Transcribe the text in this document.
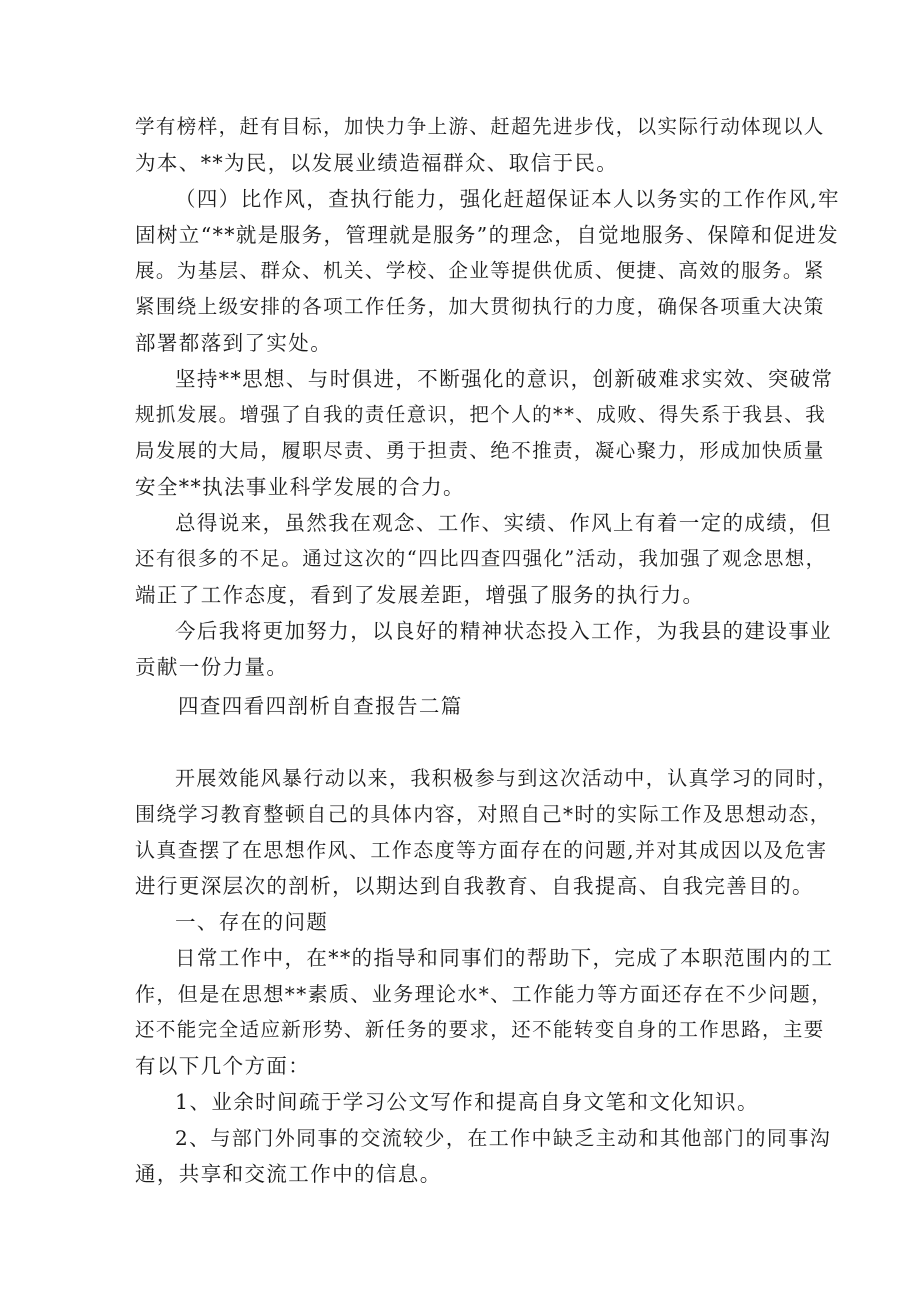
学有榜样，赶有目标，加快力争上游、赶超先进步伐，以实际行动体现以人
为本、**为民，以发展业绩造福群众、取信于民。
（四）比作风，查执行能力，强化赶超保证本人以务实的工作作风,牢
固树立“**就是服务，管理就是服务”的理念，自觉地服务、保障和促进发
展。为基层、群众、机关、学校、企业等提供优质、便捷、高效的服务。紧
紧围绕上级安排的各项工作任务，加大贯彻执行的力度，确保各项重大决策
部署都落到了实处。
坚持**思想、与时俱进，不断强化的意识，创新破难求实效、突破常
规抓发展。增强了自我的责任意识，把个人的**、成败、得失系于我县、我
局发展的大局，履职尽责、勇于担责、绝不推责，凝心聚力，形成加快质量
安全**执法事业科学发展的合力。
总得说来，虽然我在观念、工作、实绩、作风上有着一定的成绩，但
还有很多的不足。通过这次的“四比四查四强化”活动，我加强了观念思想，
端正了工作态度，看到了发展差距，增强了服务的执行力。
今后我将更加努力，以良好的精神状态投入工作，为我县的建设事业
贡献一份力量。
四查四看四剖析自查报告二篇
开展效能风暴行动以来，我积极参与到这次活动中，认真学习的同时，
围绕学习教育整顿自己的具体内容，对照自己*时的实际工作及思想动态，
认真查摆了在思想作风、工作态度等方面存在的问题,并对其成因以及危害
进行更深层次的剖析，以期达到自我教育、自我提高、自我完善目的。
一、存在的问题
日常工作中，在**的指导和同事们的帮助下，完成了本职范围内的工
作，但是在思想**素质、业务理论水*、工作能力等方面还存在不少问题，
还不能完全适应新形势、新任务的要求，还不能转变自身的工作思路，主要
有以下几个方面：
1、业余时间疏于学习公文写作和提高自身文笔和文化知识。
2、与部门外同事的交流较少，在工作中缺乏主动和其他部门的同事沟
通，共享和交流工作中的信息。
